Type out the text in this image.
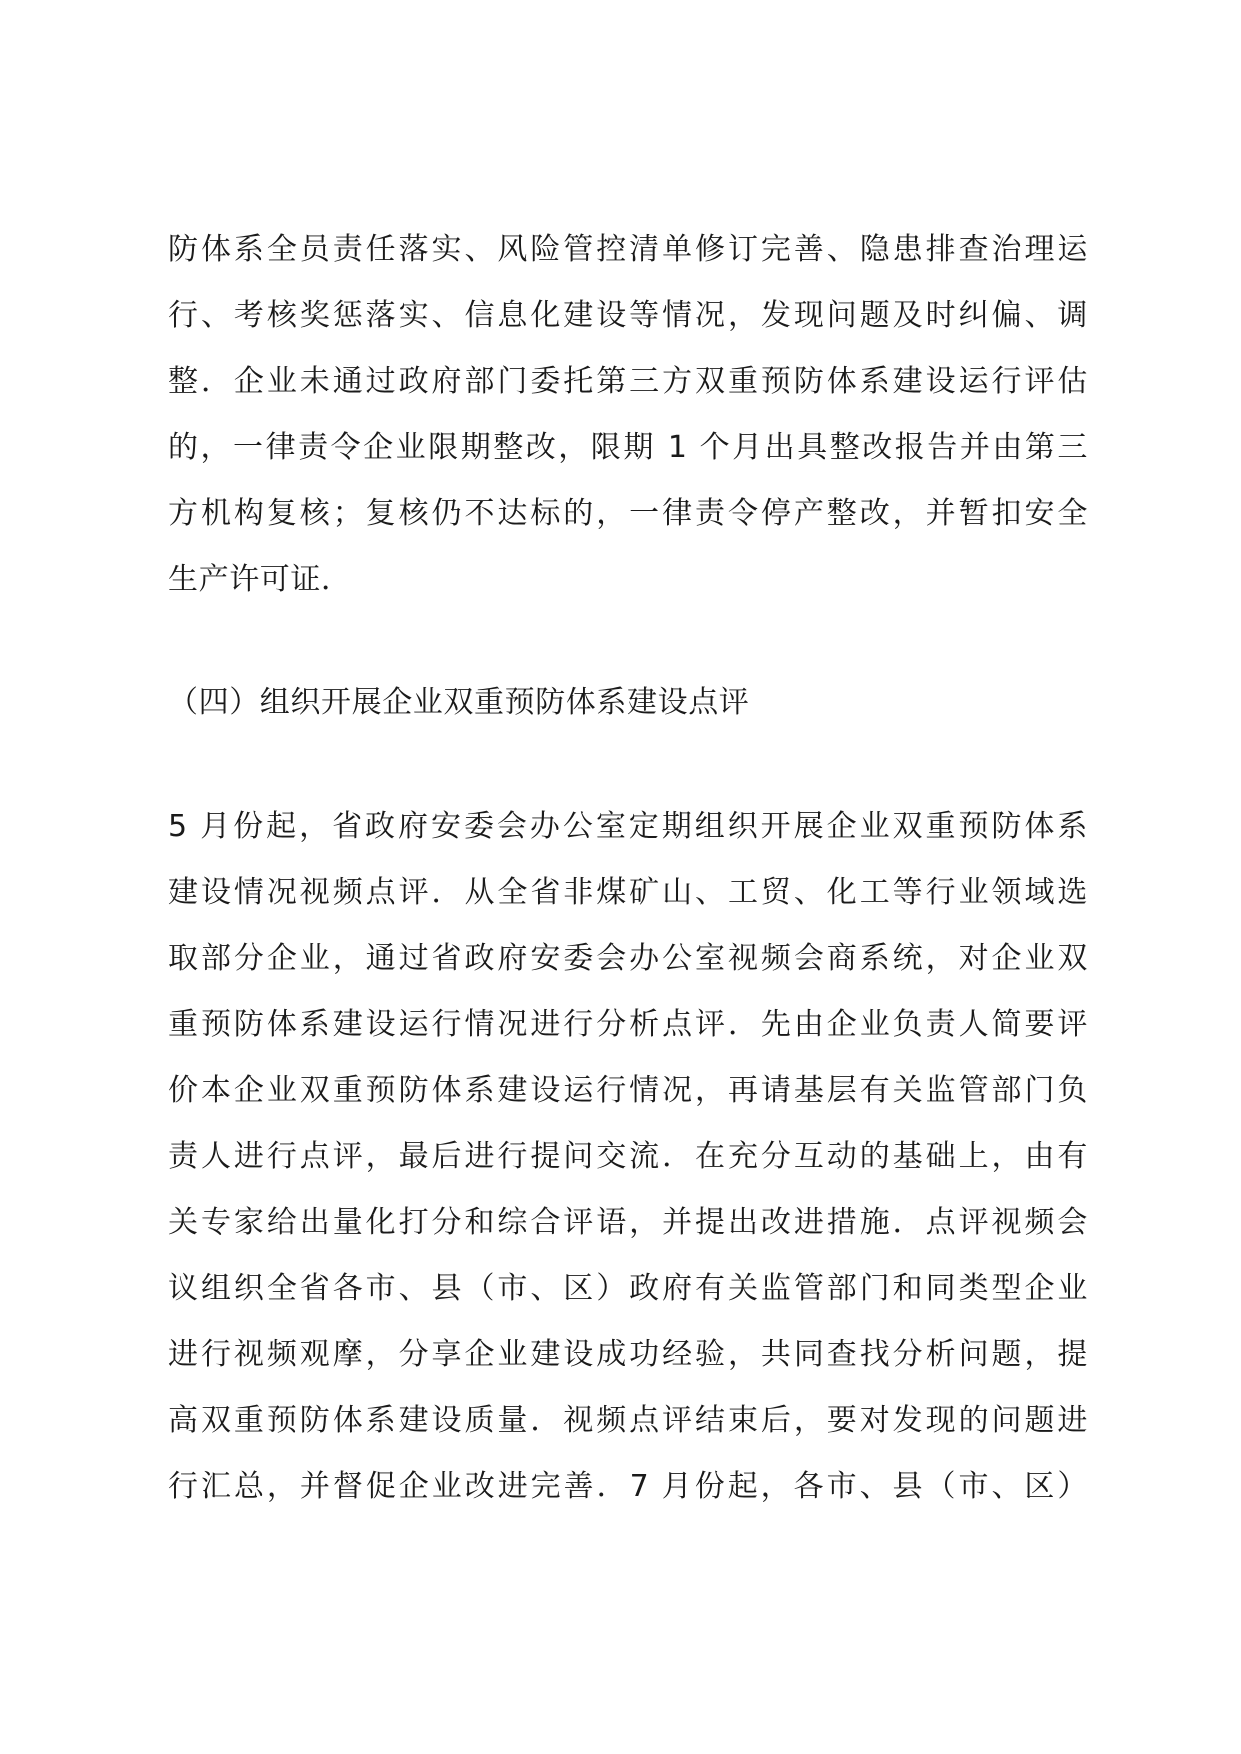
防体系全员责任落实、风险管控清单修订完善、隐患排查治理运
行、考核奖惩落实、信息化建设等情况，发现问题及时纠偏、调
整．企业未通过政府部门委托第三方双重预防体系建设运行评估
的，一律责令企业限期整改，限期 1 个月出具整改报告并由第三
方机构复核；复核仍不达标的，一律责令停产整改，并暂扣安全
生产许可证．
（四）组织开展企业双重预防体系建设点评
5 月份起，省政府安委会办公室定期组织开展企业双重预防体系
建设情况视频点评．从全省非煤矿山、工贸、化工等行业领域选
取部分企业，通过省政府安委会办公室视频会商系统，对企业双
重预防体系建设运行情况进行分析点评．先由企业负责人简要评
价本企业双重预防体系建设运行情况，再请基层有关监管部门负
责人进行点评，最后进行提问交流．在充分互动的基础上，由有
关专家给出量化打分和综合评语，并提出改进措施．点评视频会
议组织全省各市、县（市、区）政府有关监管部门和同类型企业
进行视频观摩，分享企业建设成功经验，共同查找分析问题，提
高双重预防体系建设质量．视频点评结束后，要对发现的问题进
行汇总，并督促企业改进完善．7 月份起，各市、县（市、区）
